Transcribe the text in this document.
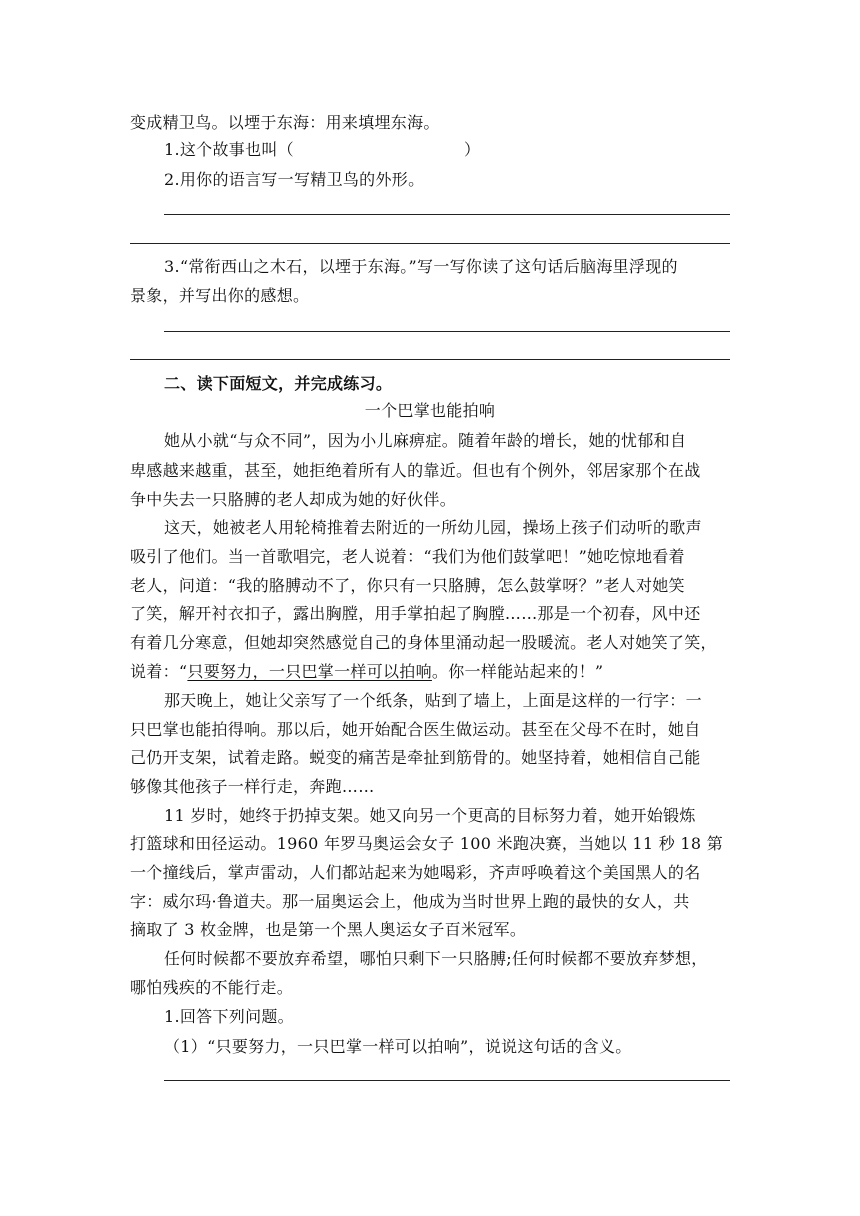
变成精卫鸟。以堙于东海：用来填埋东海。
1.这个故事也叫（	）
2.用你的语言写一写精卫鸟的外形。
3.“常衔西山之木石，以堙于东海。”写一写你读了这句话后脑海里浮现的
景象，并写出你的感想。
二、读下面短文，并完成练习。
一个巴掌也能拍响
她从小就“与众不同”，因为小儿麻痹症。随着年龄的增长，她的忧郁和自
卑感越来越重，甚至，她拒绝着所有人的靠近。但也有个例外，邻居家那个在战
争中失去一只胳膊的老人却成为她的好伙伴。
这天，她被老人用轮椅推着去附近的一所幼儿园，操场上孩子们动听的歌声
吸引了他们。当一首歌唱完，老人说着：“我们为他们鼓掌吧！”她吃惊地看着
老人，问道：“我的胳膊动不了，你只有一只胳膊，怎么鼓掌呀？”老人对她笑
了笑，解开衬衣扣子，露出胸膛，用手掌拍起了胸膛……那是一个初春，风中还
有着几分寒意，但她却突然感觉自己的身体里涌动起一股暖流。老人对她笑了笑，
说着：“只要努力，一只巴掌一样可以拍响。你一样能站起来的！”
那天晚上，她让父亲写了一个纸条，贴到了墙上，上面是这样的一行字：一
只巴掌也能拍得响。那以后，她开始配合医生做运动。甚至在父母不在时，她自
己仍开支架，试着走路。蜕变的痛苦是牵扯到筋骨的。她坚持着，她相信自己能
够像其他孩子一样行走，奔跑……
11 岁时，她终于扔掉支架。她又向另一个更高的目标努力着，她开始锻炼
打篮球和田径运动。1960 年罗马奥运会女子 100 米跑决赛，当她以 11 秒 18 第
一个撞线后，掌声雷动，人们都站起来为她喝彩，齐声呼唤着这个美国黑人的名
字：威尔玛·鲁道夫。那一届奥运会上，他成为当时世界上跑的最快的女人，共
摘取了 3 枚金牌，也是第一个黑人奥运女子百米冠军。
任何时候都不要放弃希望，哪怕只剩下一只胳膊;任何时候都不要放弃梦想，
哪怕残疾的不能行走。
1.回答下列问题。
（1）“只要努力，一只巴掌一样可以拍响”，说说这句话的含义。
